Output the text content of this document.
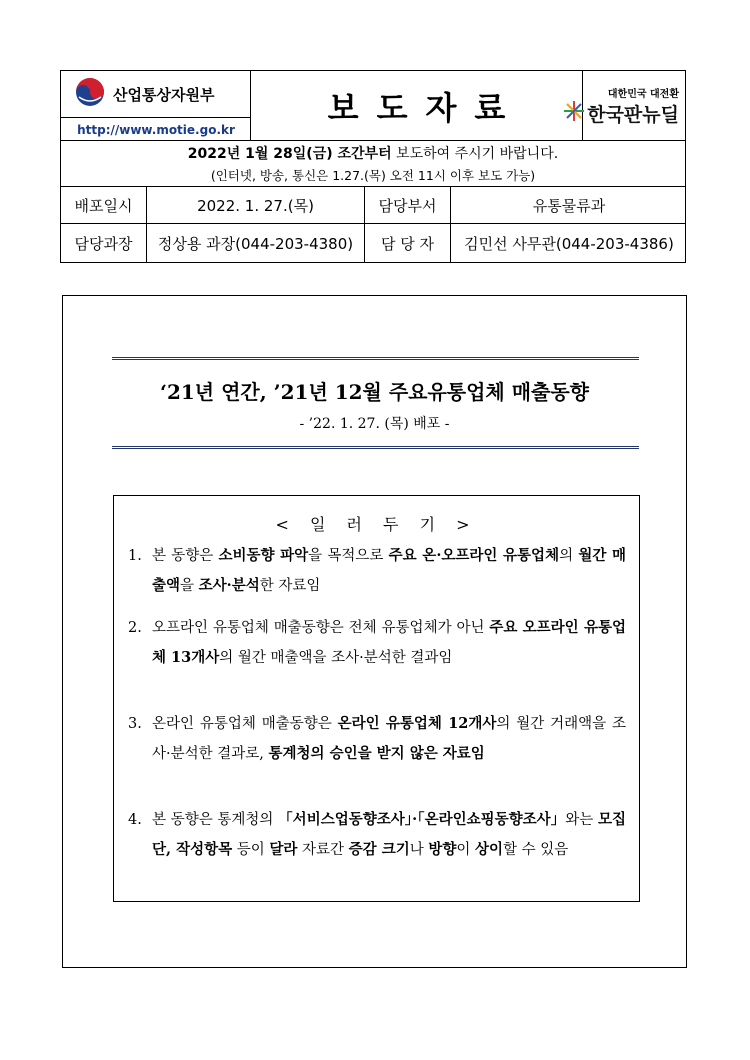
산업통상자원부
http://www.motie.go.kr
보도자료	대한민국 대전환
한국판뉴딜
2022년 1월 28일(금) 조간부터 보도하여 주시기 바랍니다.
(인터넷, 방송, 통신은 1.27.(목) 오전 11시 이후 보도 가능)
배포일시	2022. 1. 27.(목)	담당부서	유통물류과
담당과장	정상용 과장(044-203-4380)	담 당 자	김민선 사무관(044-203-4386)
‘21년 연간, ’21년 12월 주요유통업체 매출동향
- ’22. 1. 27. (목) 배포 -
< 일 러 두 기 >
1. 본 동향은 소비동향 파악을 목적으로 주요 온·오프라인 유통업체의 월간 매출액을 조사·분석한 자료임
2. 오프라인 유통업체 매출동향은 전체 유통업체가 아닌 주요 오프라인 유통업체 13개사의 월간 매출액을 조사·분석한 결과임
3. 온라인 유통업체 매출동향은 온라인 유통업체 12개사의 월간 거래액을 조사·분석한 결과로, 통계청의 승인을 받지 않은 자료임
4. 본 동향은 통계청의 「서비스업동향조사」·「온라인쇼핑동향조사」와는 모집단, 작성항목 등이 달라 자료간 증감 크기나 방향이 상이할 수 있음
